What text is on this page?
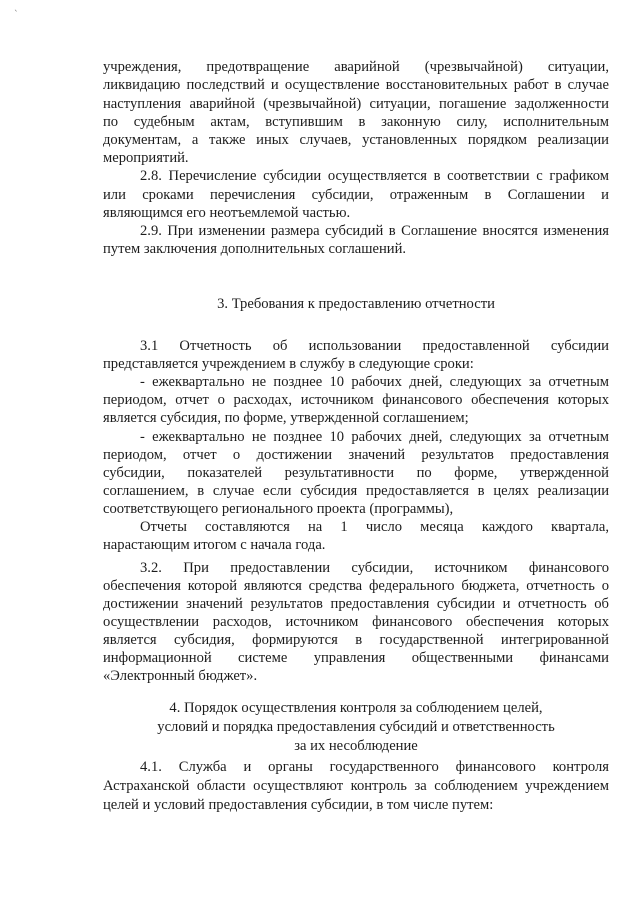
`
учреждения, предотвращение аварийной (чрезвычайной) ситуации,
ликвидацию последствий и осуществление восстановительных работ в случае
наступления аварийной (чрезвычайной) ситуации, погашение задолженности
по судебным актам, вступившим в законную силу, исполнительным
документам, а также иных случаев, установленных порядком реализации
мероприятий.
2.8. Перечисление субсидии осуществляется в соответствии с графиком
или сроками перечисления субсидии, отраженным в Соглашении и
являющимся его неотъемлемой частью.
2.9. При изменении размера субсидий в Соглашение вносятся изменения
путем заключения дополнительных соглашений.
3. Требования к предоставлению отчетности
3.1 Отчетность об использовании предоставленной субсидии
представляется учреждением в службу в следующие сроки:
- ежеквартально не позднее 10 рабочих дней, следующих за отчетным
периодом, отчет о расходах, источником финансового обеспечения которых
является субсидия, по форме, утвержденной соглашением;
- ежеквартально не позднее 10 рабочих дней, следующих за отчетным
периодом, отчет о достижении значений результатов предоставления
субсидии, показателей результативности по форме, утвержденной
соглашением, в случае если субсидия предоставляется в целях реализации
соответствующего регионального проекта (программы),
Отчеты составляются на 1 число месяца каждого квартала,
нарастающим итогом с начала года.
3.2. При предоставлении субсидии, источником финансового
обеспечения которой являются средства федерального бюджета, отчетность о
достижении значений результатов предоставления субсидии и отчетность об
осуществлении расходов, источником финансового обеспечения которых
является субсидия, формируются в государственной интегрированной
информационной системе управления общественными финансами
«Электронный бюджет».
4. Порядок осуществления контроля за соблюдением целей,
условий и порядка предоставления субсидий и ответственность
за их несоблюдение
4.1. Служба и органы государственного финансового контроля
Астраханской области осуществляют контроль за соблюдением учреждением
целей и условий предоставления субсидии, в том числе путем:
